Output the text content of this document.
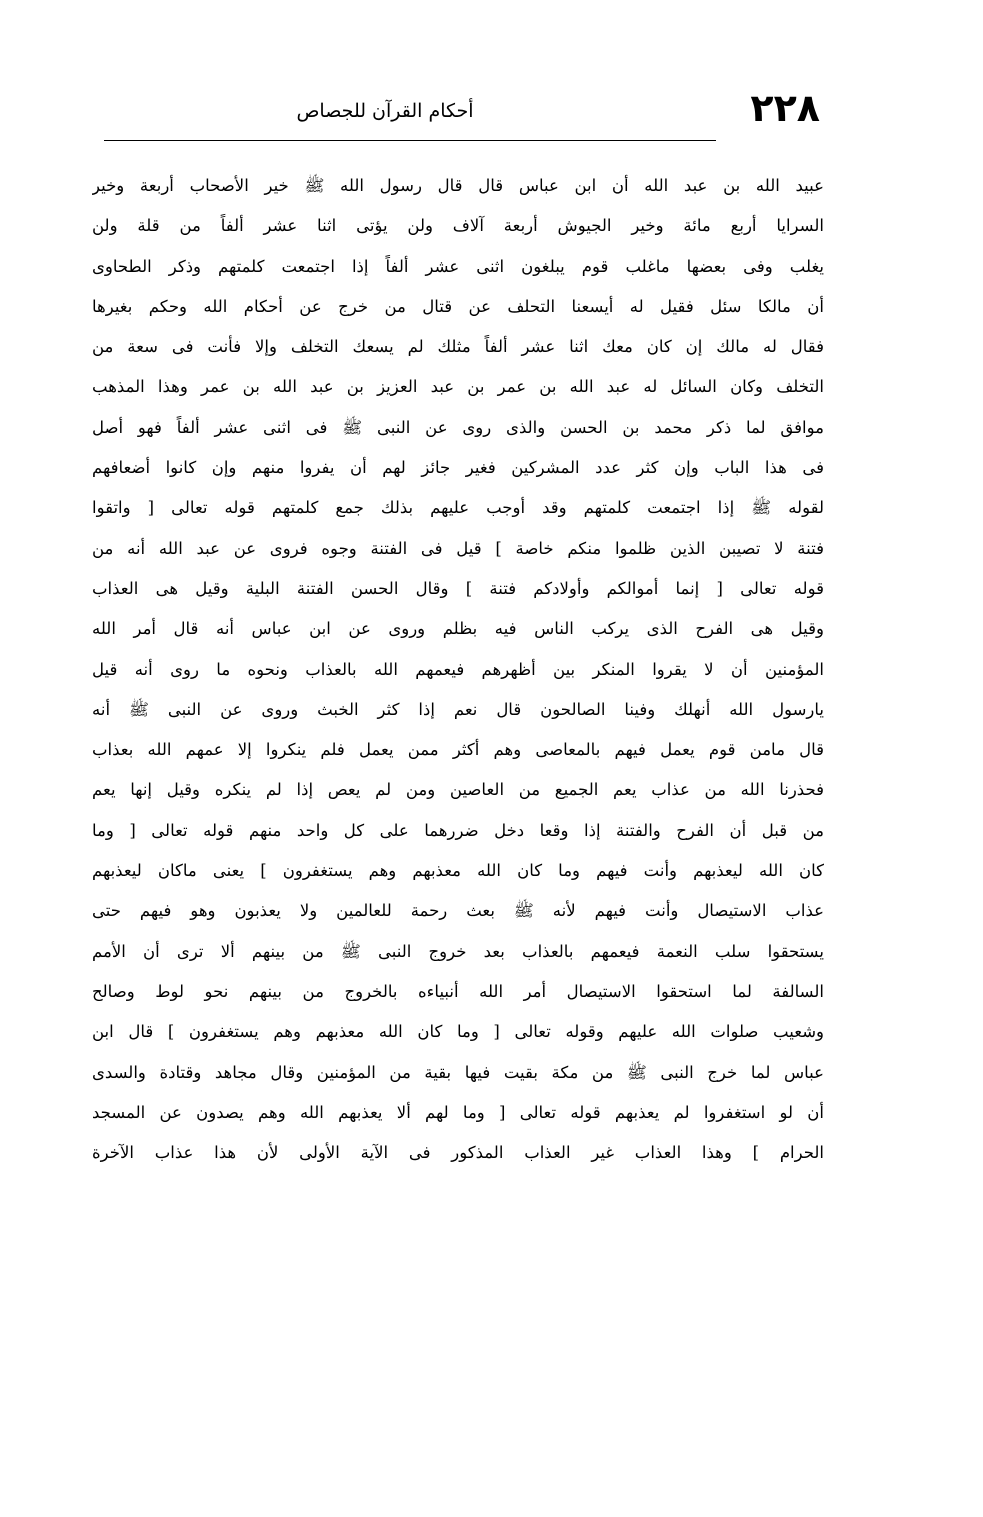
٢٢٨
أحكام القرآن للجصاص
عبيد الله بن عبد الله أن ابن عباس قال قال رسول الله ﷺ خير الأصحاب أربعة وخير
السرايا أربع مائة وخير الجيوش أربعة آلاف ولن يؤتى اثنا عشر ألفاً من قلة ولن
يغلب وفى بعضها ماغلب قوم يبلغون اثنى عشر ألفاً إذا اجتمعت كلمتهم وذكر الطحاوى
أن مالكا سئل فقيل له أيسعنا التحلف عن قتال من خرج عن أحكام الله وحكم بغيرها
فقال له مالك إن كان معك اثنا عشر ألفاً مثلك لم يسعك التخلف وإلا فأنت فى سعة من
التخلف وكان السائل له عبد الله بن عمر بن عبد العزيز بن عبد الله بن عمر وهذا المذهب
موافق لما ذكر محمد بن الحسن والذى روى عن النبى ﷺ فى اثنى عشر ألفاً فهو أصل
فى هذا الباب وإن كثر عدد المشركين فغير جائز لهم أن يفروا منهم وإن كانوا أضعافهم
لقوله ﷺ إذا اجتمعت كلمتهم وقد أوجب عليهم بذلك جمع كلمتهم قوله تعالى [ واتقوا
فتنة لا تصيبن الذين ظلموا منكم خاصة ] قيل فى الفتنة وجوه فروى عن عبد الله أنه من
قوله تعالى [ إنما أموالكم وأولادكم فتنة ] وقال الحسن الفتنة البلية وقيل هى العذاب
وقيل هى الفرح الذى يركب الناس فيه بظلم وروى عن ابن عباس أنه قال أمر الله
المؤمنين أن لا يقروا المنكر بين أظهرهم فيعمهم الله بالعذاب ونحوه ما روى أنه قيل
يارسول الله أنهلك وفينا الصالحون قال نعم إذا كثر الخبث وروى عن النبى ﷺ أنه
قال مامن قوم يعمل فيهم بالمعاصى وهم أكثر ممن يعمل فلم ينكروا إلا عمهم الله بعذاب
فحذرنا الله من عذاب يعم الجميع من العاصين ومن لم يعص إذا لم ينكره وقيل إنها يعم
من قبل أن الفرح والفتنة إذا وقعا دخل ضررهما على كل واحد منهم قوله تعالى [ وما
كان الله ليعذبهم وأنت فيهم وما كان الله معذبهم وهم يستغفرون ] يعنى ماكان ليعذبهم
عذاب الاستيصال وأنت فيهم لأنه ﷺ بعث رحمة للعالمين ولا يعذبون وهو فيهم حتى
يستحقوا سلب النعمة فيعمهم بالعذاب بعد خروج النبى ﷺ من بينهم ألا ترى أن الأمم
السالفة لما استحقوا الاستيصال أمر الله أنبياءه بالخروج من بينهم نحو لوط وصالح
وشعيب صلوات الله عليهم وقوله تعالى [ وما كان الله معذبهم وهم يستغفرون ] قال ابن
عباس لما خرج النبى ﷺ من مكة بقيت فيها بقية من المؤمنين وقال مجاهد وقتادة والسدى
أن لو استغفروا لم يعذبهم قوله تعالى [ وما لهم ألا يعذبهم الله وهم يصدون عن المسجد
الحرام ] وهذا العذاب غير العذاب المذكور فى الآية الأولى لأن هذا عذاب الآخرة
